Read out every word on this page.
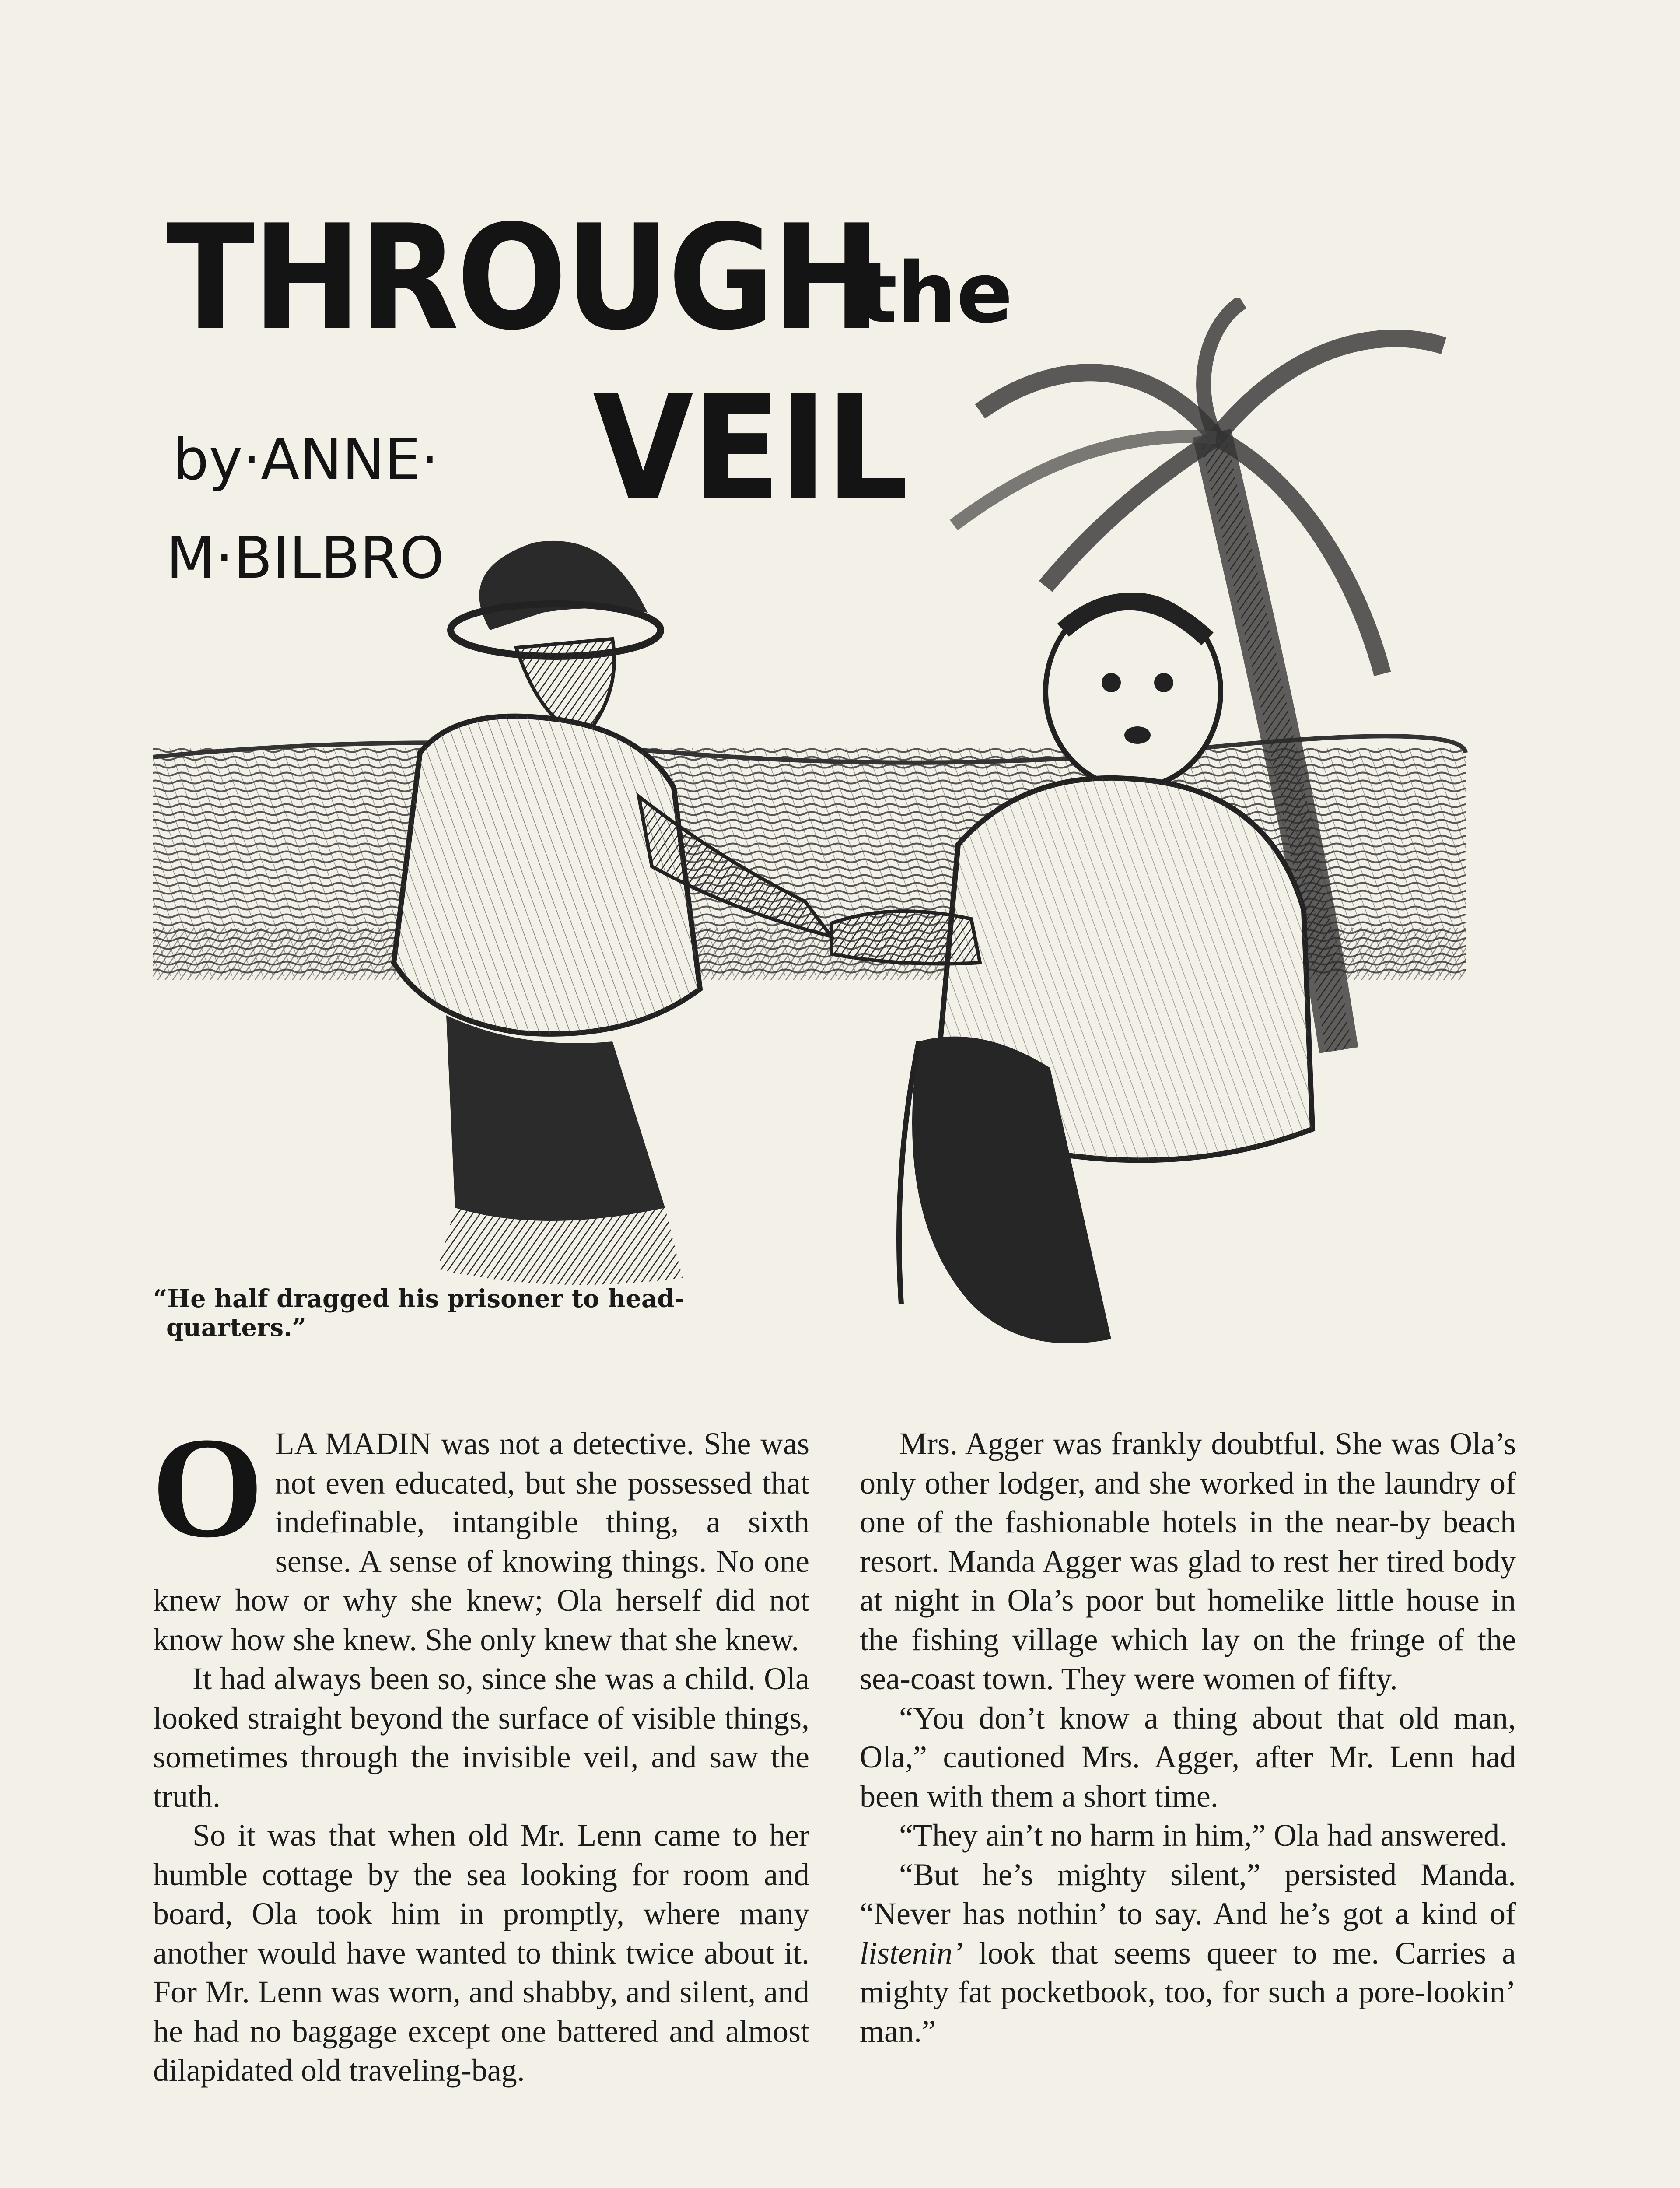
THROUGH
the
VEIL
by·ANNE·
M·BILBRO
“He half dragged his prisoner to head-quarters.”

OLA MADIN was not a detective. She was not even educated, but she possessed that indefinable, intangible thing, a sixth sense. A sense of knowing things. No one knew how or why she knew; Ola herself did not know how she knew. She only knew that she knew.

It had always been so, since she was a child. Ola looked straight beyond the surface of visible things, sometimes through the invisible veil, and saw the truth.

So it was that when old Mr. Lenn came to her humble cottage by the sea looking for room and board, Ola took him in promptly, where many another would have wanted to think twice about it. For Mr. Lenn was worn, and shabby, and silent, and he had no baggage except one battered and almost dilapidated old traveling-bag.

Mrs. Agger was frankly doubtful. She was Ola’s only other lodger, and she worked in the laundry of one of the fashionable hotels in the near-by beach resort. Manda Agger was glad to rest her tired body at night in Ola’s poor but homelike little house in the fishing village which lay on the fringe of the sea-coast town. They were women of fifty.

“You don’t know a thing about that old man, Ola,” cautioned Mrs. Agger, after Mr. Lenn had been with them a short time.

“They ain’t no harm in him,” Ola had answered.

“But he’s mighty silent,” persisted Manda. “Never has nothin’ to say. And he’s got a kind of listenin’ look that seems queer to me. Carries a mighty fat pocketbook, too, for such a pore-lookin’ man.”
